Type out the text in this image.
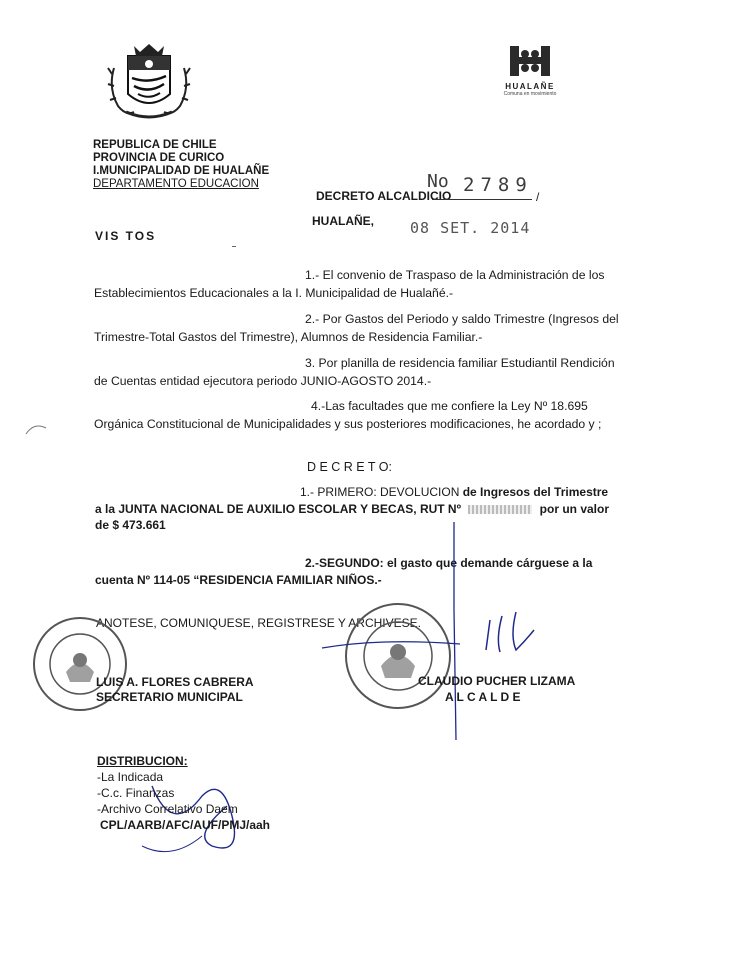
HUALAÑE
Comuna en movimiento
REPUBLICA DE CHILE
PROVINCIA DE CURICO
I.MUNICIPALIDAD DE HUALAÑE
DEPARTAMENTO EDUCACION
DECRETO ALCALDICIO
No 2789
/
HUALAÑE, 08 SET. 2014
VIS TOS
1.- El convenio de Traspaso de la Administración de los
Establecimientos Educacionales a la I. Municipalidad de Hualañé.-
2.- Por Gastos del Periodo y saldo Trimestre (Ingresos del
Trimestre-Total Gastos del Trimestre), Alumnos de Residencia Familiar.-
3. Por planilla de residencia familiar Estudiantil Rendición
de Cuentas entidad ejecutora periodo JUNIO-AGOSTO 2014.-
4.-Las facultades que me confiere la Ley Nº 18.695
Orgánica Constitucional de Municipalidades y sus posteriores modificaciones, he acordado y ;
D E C R E T O:
1.- PRIMERO: DEVOLUCION de Ingresos del Trimestre
a la JUNTA NACIONAL DE AUXILIO ESCOLAR Y BECAS, RUT Nº	por un valor
de $ 473.661
2.-SEGUNDO: el gasto que demande cárguese a la
cuenta Nº 114-05 “RESIDENCIA FAMILIAR NIÑOS.-
ANOTESE, COMUNIQUESE, REGISTRESE Y ARCHIVESE.
LUIS A. FLORES CABRERA
SECRETARIO MUNICIPAL
CLAUDIO PUCHER LIZAMA
A L C A L D E
DISTRIBUCION:
-La Indicada
-C.c. Finanzas
-Archivo Correlativo Daem
CPL/AARB/AFC/AUF/PMJ/aah
